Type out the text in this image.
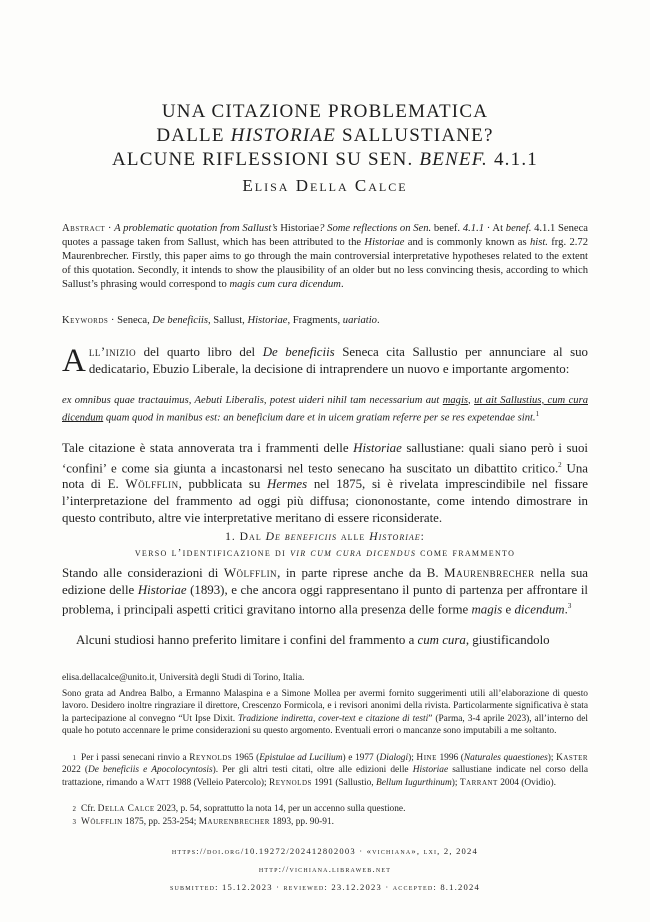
UNA CITAZIONE PROBLEMATICA
DALLE HISTORIAE SALLUSTIANE?
ALCUNE RIFLESSIONI SU SEN. BENEF. 4.1.1
Elisa Della Calce
Abstract · A problematic quotation from Sallust’s Historiae? Some reflections on Sen. benef. 4.1.1 · At benef. 4.1.1 Seneca quotes a passage taken from Sallust, which has been attributed to the Historiae and is commonly known as hist. frg. 2.72 Maurenbrecher. Firstly, this paper aims to go through the main controversial interpretative hypotheses related to the extent of this quotation. Secondly, it intends to show the plausibility of an older but no less convincing thesis, according to which Sallust’s phrasing would correspond to magis cum cura dicendum.
Keywords · Seneca, De beneficiis, Sallust, Historiae, Fragments, uariatio.
All’inizio del quarto libro del De beneficiis Seneca cita Sallustio per annunciare al suo dedicatario, Ebuzio Liberale, la decisione di intraprendere un nuovo e importante argomento:
ex omnibus quae tractauimus, Aebuti Liberalis, potest uideri nihil tam necessarium aut magis, ut ait Sallustius, cum cura dicendum quam quod in manibus est: an beneficium dare et in uicem gratiam referre per se res expetendae sint.$^1$
Tale citazione è stata annoverata tra i frammenti delle Historiae sallustiane: quali siano però i suoi ‘confini’ e come sia giunta a incastonarsi nel testo senecano ha suscitato un dibattito critico.$^2$ Una nota di E. Wölfflin, pubblicata su Hermes nel 1875, si è rivelata imprescindibile nel fissare l’interpretazione del frammento ad oggi più diffusa; ciononostante, come intendo dimostrare in questo contributo, altre vie interpretative meritano di essere riconsiderate.
1. Dal De beneficiis alle Historiae:
verso l’identificazione di vir cum cura dicendus come frammento
Stando alle considerazioni di Wölfflin, in parte riprese anche da B. Maurenbrecher nella sua edizione delle Historiae (1893), e che ancora oggi rappresentano il punto di partenza per affrontare il problema, i principali aspetti critici gravitano intorno alla presenza delle forme magis e dicendum.$^3$
Alcuni studiosi hanno preferito limitare i confini del frammento a cum cura, giustificandolo
elisa.dellacalce@unito.it, Università degli Studi di Torino, Italia.
Sono grata ad Andrea Balbo, a Ermanno Malaspina e a Simone Mollea per avermi fornito suggerimenti utili all’elaborazione di questo lavoro. Desidero inoltre ringraziare il direttore, Crescenzo Formicola, e i revisori anonimi della rivista. Particolarmente significativa è stata la partecipazione al convegno “Ut Ipse Dixit. Tradizione indiretta, cover-text e citazione di testi” (Parma, 3-4 aprile 2023), all’interno del quale ho potuto accennare le prime considerazioni su questo argomento. Eventuali errori o mancanze sono imputabili a me soltanto.
1 Per i passi senecani rinvio a Reynolds 1965 (Epistulae ad Lucilium) e 1977 (Dialogi); Hine 1996 (Naturales quaestiones); Kaster 2022 (De beneficiis e Apocolocyntosis). Per gli altri testi citati, oltre alle edizioni delle Historiae sallustiane indicate nel corso della trattazione, rimando a Watt 1988 (Velleio Patercolo); Reynolds 1991 (Sallustio, Bellum Iugurthinum); Tarrant 2004 (Ovidio).
2 Cfr. Della Calce 2023, p. 54, soprattutto la nota 14, per un accenno sulla questione.
3 Wölfflin 1875, pp. 253-254; Maurenbrecher 1893, pp. 90-91.
https://doi.org/10.19272/202412802003 · «vichiana», lxi, 2, 2024
http://vichiana.libraweb.net
submitted: 15.12.2023 · reviewed: 23.12.2023 · accepted: 8.1.2024
